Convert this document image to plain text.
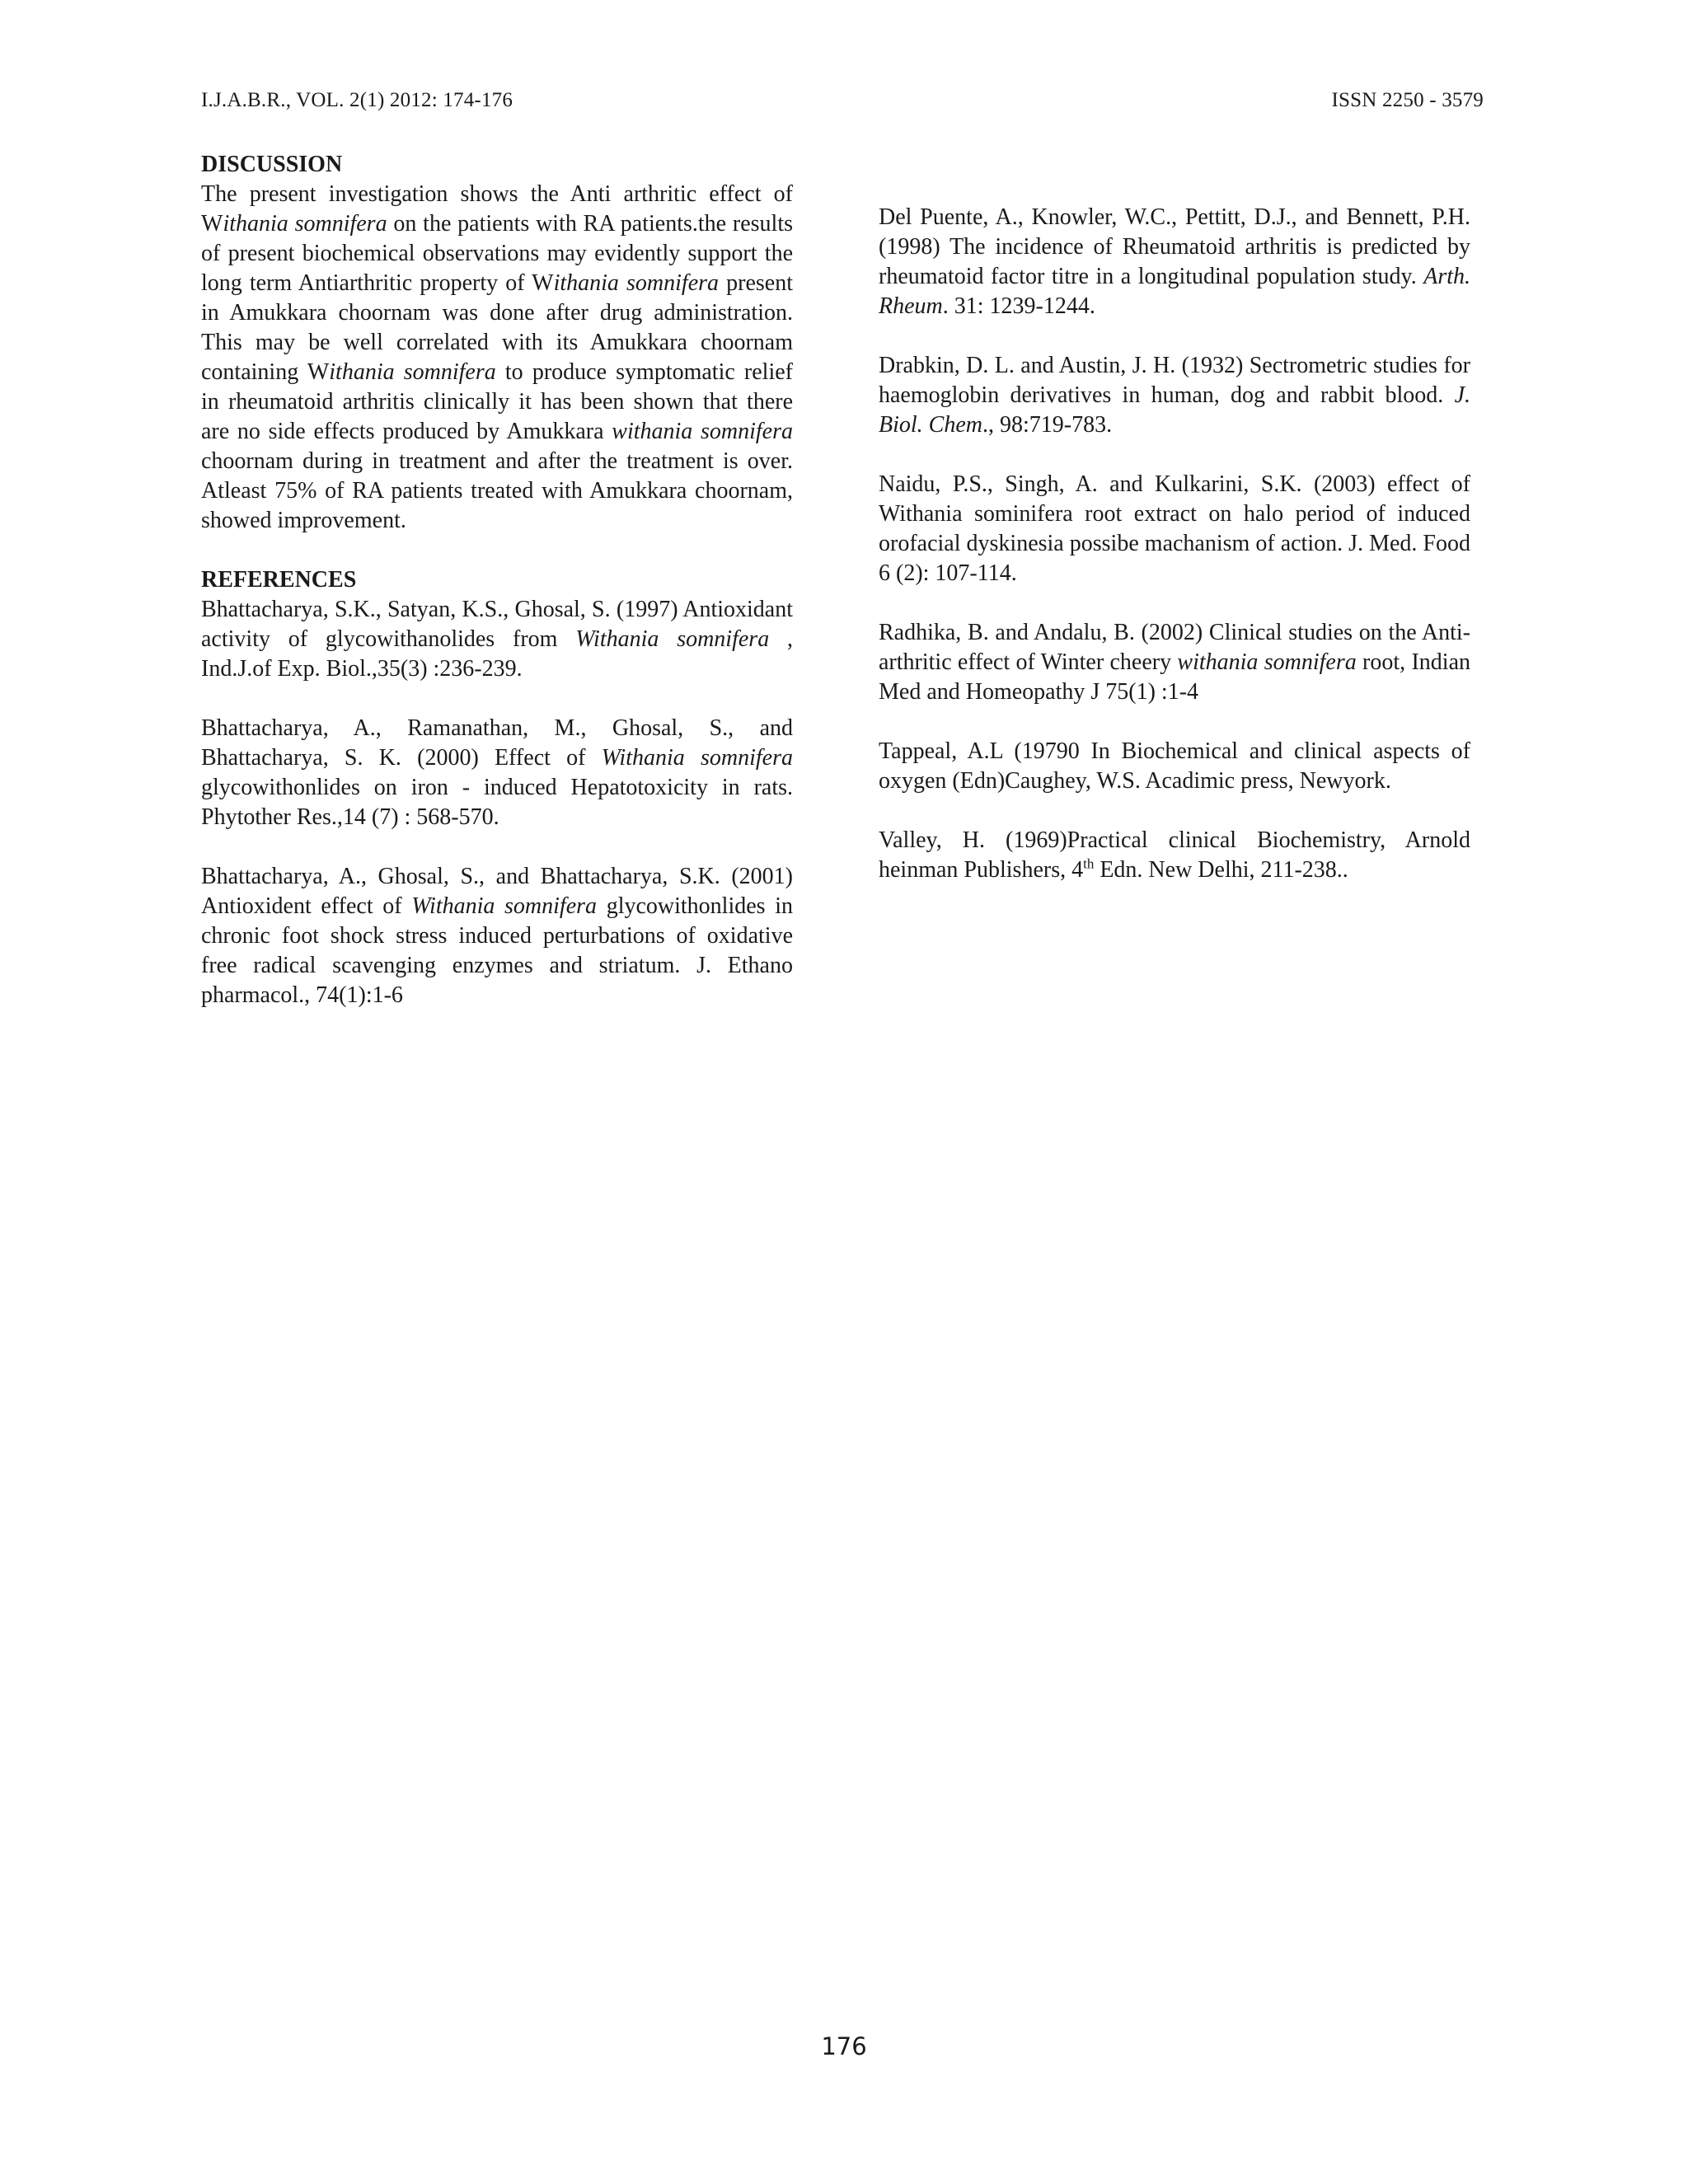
I.J.A.B.R., VOL. 2(1) 2012: 174-176	ISSN 2250 - 3579

DISCUSSION

The present investigation shows the Anti arthritic effect of Withania somnifera on the patients with RA patients.the results of present biochemical observations may evidently support the long term Antiarthritic property of Withania somnifera present in Amukkara choornam was done after drug administration. This may be well correlated with its Amukkara choornam containing Withania somnifera to produce symptomatic relief in rheumatoid arthritis clinically it has been shown that there are no side effects produced by Amukkara withania somnifera choornam during in treatment and after the treatment is over. Atleast 75% of RA patients treated with Amukkara choornam, showed improvement.

REFERENCES

Bhattacharya, S.K., Satyan, K.S., Ghosal, S. (1997) Antioxidant activity of glycowithanolides from Withania somnifera , Ind.J.of Exp. Biol.,35(3) :236-239.

Bhattacharya, A., Ramanathan, M., Ghosal, S., and Bhattacharya, S. K. (2000) Effect of Withania somnifera glycowithonlides on iron - induced Hepatotoxicity in rats. Phytother Res.,14 (7) : 568-570.

Bhattacharya, A., Ghosal, S., and Bhattacharya, S.K. (2001) Antioxident effect of Withania somnifera glycowithonlides in chronic foot shock stress induced perturbations of oxidative free radical scavenging enzymes and striatum. J. Ethano pharmacol., 74(1):1-6

Del Puente, A., Knowler, W.C., Pettitt, D.J., and Bennett, P.H. (1998) The incidence of Rheumatoid arthritis is predicted by rheumatoid factor titre in a longitudinal population study. Arth. Rheum. 31: 1239-1244.

Drabkin, D. L. and Austin, J. H. (1932) Sectrometric studies for haemoglobin derivatives in human, dog and rabbit blood. J. Biol. Chem., 98:719-783.

Naidu, P.S., Singh, A. and Kulkarini, S.K. (2003) effect of Withania sominifera root extract on halo period of induced orofacial dyskinesia possibe machanism of action. J. Med. Food 6 (2): 107-114.

Radhika, B. and Andalu, B. (2002) Clinical studies on the Anti-arthritic effect of Winter cheery withania somnifera root, Indian Med and Homeopathy J 75(1) :1-4

Tappeal, A.L (19790 In Biochemical and clinical aspects of oxygen (Edn)Caughey, W.S. Acadimic press, Newyork.

Valley, H. (1969)Practical clinical Biochemistry, Arnold heinman Publishers, 4th Edn. New Delhi, 211-238..

176
